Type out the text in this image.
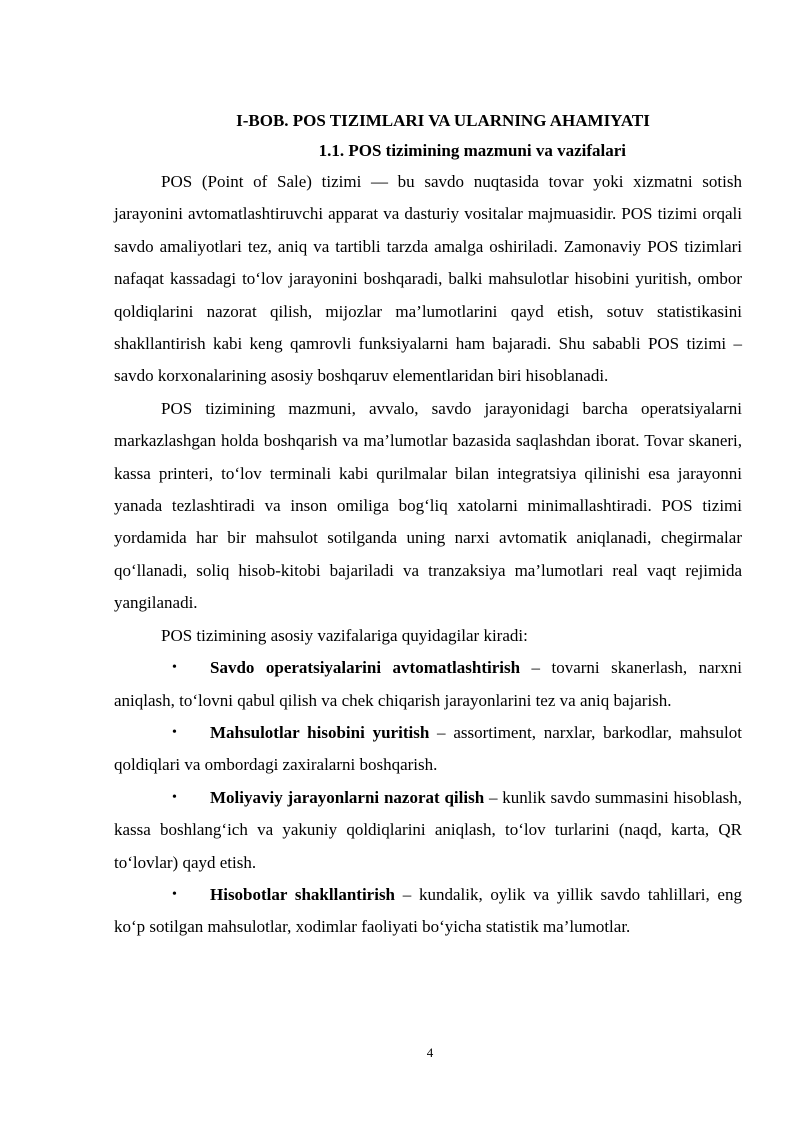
I-BOB. POS TIZIMLARI VA ULARNING AHAMIYATI
1.1. POS tizimining mazmuni va vazifalari

POS (Point of Sale) tizimi — bu savdo nuqtasida tovar yoki xizmatni sotish jarayonini avtomatlashtiruvchi apparat va dasturiy vositalar majmuasidir. POS tizimi orqali savdo amaliyotlari tez, aniq va tartibli tarzda amalga oshiriladi. Zamonaviy POS tizimlari nafaqat kassadagi to‘lov jarayonini boshqaradi, balki mahsulotlar hisobini yuritish, ombor qoldiqlarini nazorat qilish, mijozlar ma’lumotlarini qayd etish, sotuv statistikasini shakllantirish kabi keng qamrovli funksiyalarni ham bajaradi. Shu sababli POS tizimi – savdo korxonalarining asosiy boshqaruv elementlaridan biri hisoblanadi.

POS tizimining mazmuni, avvalo, savdo jarayonidagi barcha operatsiyalarni markazlashgan holda boshqarish va ma’lumotlar bazasida saqlashdan iborat. Tovar skaneri, kassa printeri, to‘lov terminali kabi qurilmalar bilan integratsiya qilinishi esa jarayonni yanada tezlashtiradi va inson omiliga bog‘liq xatolarni minimallashtiradi. POS tizimi yordamida har bir mahsulot sotilganda uning narxi avtomatik aniqlanadi, chegirmalar qo‘llanadi, soliq hisob-kitobi bajariladi va tranzaksiya ma’lumotlari real vaqt rejimida yangilanadi.

POS tizimining asosiy vazifalariga quyidagilar kiradi:

• Savdo operatsiyalarini avtomatlashtirish – tovarni skanerlash, narxni aniqlash, to‘lovni qabul qilish va chek chiqarish jarayonlarini tez va aniq bajarish.

• Mahsulotlar hisobini yuritish – assortiment, narxlar, barkodlar, mahsulot qoldiqlari va ombordagi zaxiralarni boshqarish.

• Moliyaviy jarayonlarni nazorat qilish – kunlik savdo summasini hisoblash, kassa boshlang‘ich va yakuniy qoldiqlarini aniqlash, to‘lov turlarini (naqd, karta, QR to‘lovlar) qayd etish.

• Hisobotlar shakllantirish – kundalik, oylik va yillik savdo tahlillari, eng ko‘p sotilgan mahsulotlar, xodimlar faoliyati bo‘yicha statistik ma’lumotlar.

4
